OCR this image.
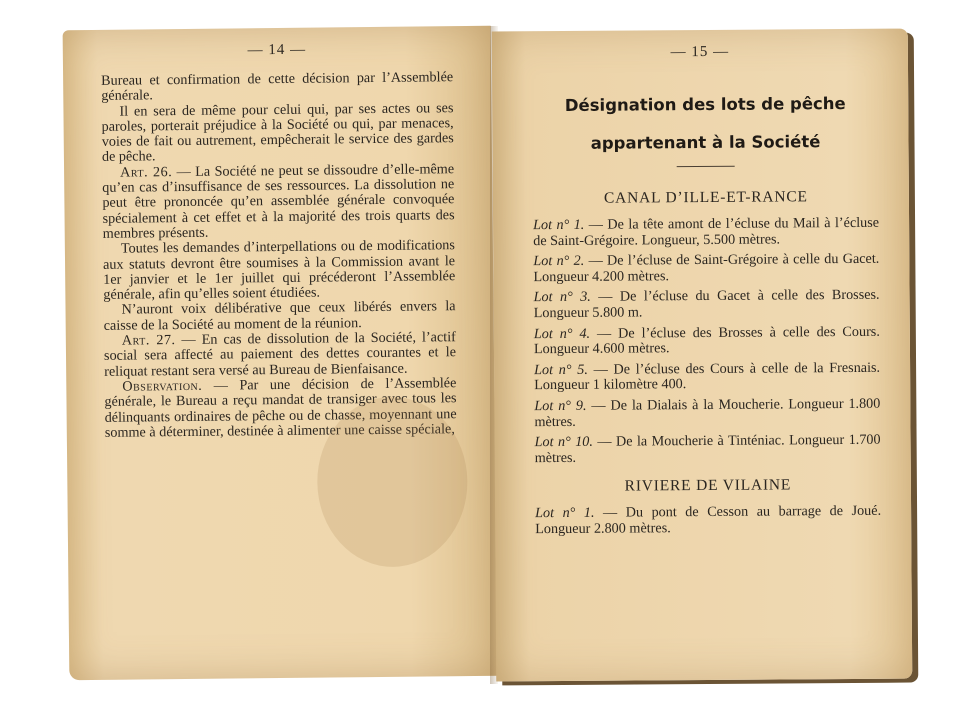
— 14 —

Bureau et confirmation de cette décision par l’Assemblée générale.

Il en sera de même pour celui qui, par ses actes ou ses paroles, porterait préjudice à la Société ou qui, par menaces, voies de fait ou autrement, empêcherait le service des gardes de pêche.

Art. 26. — La Société ne peut se dissoudre d’elle-même qu’en cas d’insuffisance de ses ressources. La dissolution ne peut être prononcée qu’en assemblée générale convoquée spécialement à cet effet et à la majorité des trois quarts des membres présents.

Toutes les demandes d’interpellations ou de modifications aux statuts devront être soumises à la Commission avant le 1er janvier et le 1er juillet qui précéderont l’Assemblée générale, afin qu’elles soient étudiées.

N’auront voix délibérative que ceux libérés envers la caisse de la Société au moment de la réunion.

Art. 27. — En cas de dissolution de la Société, l’actif social sera affecté au paiement des dettes courantes et le reliquat restant sera versé au Bureau de Bienfaisance.

Observation. — Par une décision de l’Assemblée générale, le Bureau a reçu mandat de transiger avec tous les délinquants ordinaires de pêche ou de chasse, moyennant une somme à déterminer, destinée à alimenter une caisse spéciale,

— 15 —
Désignation des lots de pêche
appartenant à la Société
CANAL D’ILLE-ET-RANCE

Lot n° 1. — De la tête amont de l’écluse du Mail à l’écluse de Saint-Grégoire. Longueur, 5.500 mètres.

Lot n° 2. — De l’écluse de Saint-Grégoire à celle du Gacet. Longueur 4.200 mètres.

Lot n° 3. — De l’écluse du Gacet à celle des Brosses. Longueur 5.800 m.

Lot n° 4. — De l’écluse des Brosses à celle des Cours. Longueur 4.600 mètres.

Lot n° 5. — De l’écluse des Cours à celle de la Fresnais. Longueur 1 kilomètre 400.

Lot n° 9. — De la Dialais à la Moucherie. Longueur 1.800 mètres.

Lot n° 10. — De la Moucherie à Tinténiac. Longueur 1.700 mètres.

RIVIERE DE VILAINE

Lot n° 1. — Du pont de Cesson au barrage de Joué. Longueur 2.800 mètres.
